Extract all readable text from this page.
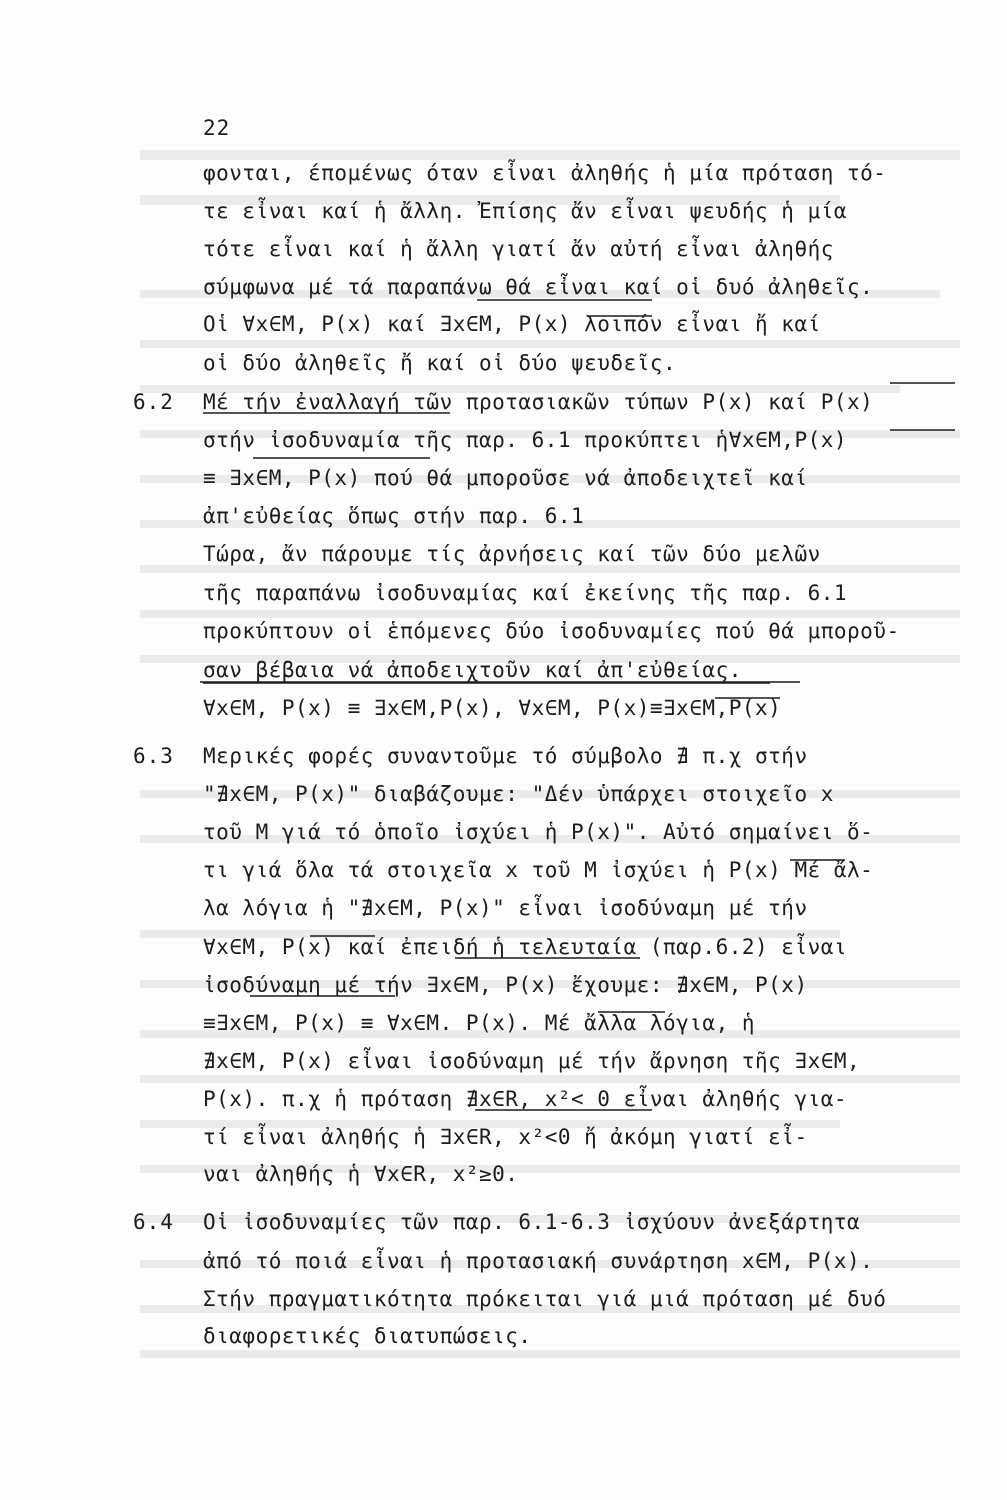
22
φονται, έπομένως όταν εἶναι ἀληθής ἡ μία πρόταση τό-
τε εἶναι καί ἡ ἄλλη. Ἐπίσης ἄν εἶναι ψευδής ἡ μία
τότε εἶναι καί ἡ ἄλλη γιατί ἄν αὐτή εἶναι ἀληθής
σύμφωνα μέ τά παραπάνω θά εἶναι καί οἱ δυό ἀληθεῖς.
Οἱ ∀x∈M, P(x) καί ∃x∈M, P(x) λοιπόν εἶναι ἤ καί
οἱ δύο ἀληθεῖς ἤ καί οἱ δύο ψευδεῖς.
6.2 Μέ τήν ἐναλλαγή τῶν προτασιακῶν τύπων P(x) καί P(x)
στήν ἰσοδυναμία τῆς παρ. 6.1 προκύπτει ἡ∀x∈M,P(x)
≡ ∃x∈M, P(x) πού θά μποροῦσε νά ἀποδειχτεῖ καί
ἀπ'εὐθείας ὅπως στήν παρ. 6.1
Τώρα, ἄν πάρουμε τίς ἀρνήσεις καί τῶν δύο μελῶν
τῆς παραπάνω ἰσοδυναμίας καί ἐκείνης τῆς παρ. 6.1
προκύπτουν οἱ ἑπόμενες δύο ἰσοδυναμίες πού θά μποροῦ-
σαν βέβαια νά ἀποδειχτοῦν καί ἀπ'εὐθείας.
∀x∈M, P(x) ≡ ∃x∈M,P(x), ∀x∈M, P(x)≡∃x∈M,P(x)
6.3 Μερικές φορές συναντοῦμε τό σύμβολο ∄ π.χ στήν
"∄x∈M, P(x)" διαβάζουμε: "Δέν ὑπάρχει στοιχεῖο x
τοῦ Μ γιά τό ὁποῖο ἰσχύει ἡ P(x)". Αὐτό σημαίνει ὅ-
τι γιά ὅλα τά στοιχεῖα x τοῦ Μ ἰσχύει ἡ P(x) Μέ ἄλ-
λα λόγια ἡ "∄x∈M, P(x)" εἶναι ἰσοδύναμη μέ τήν
∀x∈M, P(x) καί ἐπειδή ἡ τελευταία (παρ.6.2) εἶναι
ἰσοδύναμη μέ τήν ∃x∈M, P(x) ἔχουμε: ∄x∈M, P(x)
≡∃x∈M, P(x) ≡ ∀x∈M. P(x). Μέ ἄλλα λόγια, ἡ
∄x∈M, P(x) εἶναι ἰσοδύναμη μέ τήν ἄρνηση τῆς ∃x∈M,
P(x). π.χ ἡ πρόταση ∄x∈R, x²< 0 εἶναι ἀληθής για-
τί εἶναι ἀληθής ἡ ∃x∈R, x²<0 ἤ ἀκόμη γιατί εἶ-
ναι ἀληθής ἡ ∀x∈R, x²≥0.
6.4 Οἱ ἰσοδυναμίες τῶν παρ. 6.1-6.3 ἰσχύουν ἀνεξάρτητα
ἀπό τό ποιά εἶναι ἡ προτασιακή συνάρτηση x∈M, P(x).
Στήν πραγματικότητα πρόκειται γιά μιά πρόταση μέ δυό
διαφορετικές διατυπώσεις.
